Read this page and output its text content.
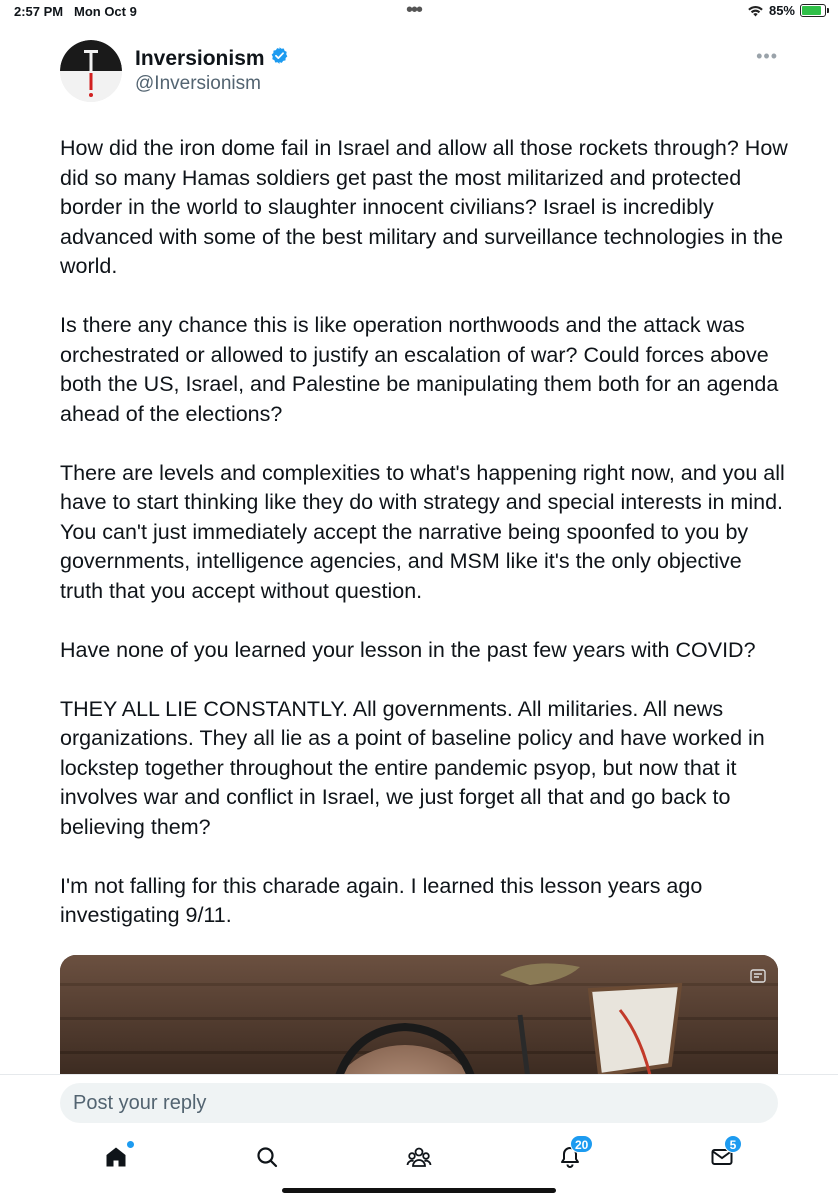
2:57 PM Mon Oct 9	•••	85%
Inversionism
@Inversionism
•••

How did the iron dome fail in Israel and allow all those rockets through? How did so many Hamas soldiers get past the most militarized and protected border in the world to slaughter innocent civilians? Israel is incredibly advanced with some of the best military and surveillance technologies in the world.

Is there any chance this is like operation northwoods and the attack was orchestrated or allowed to justify an escalation of war? Could forces above both the US, Israel, and Palestine be manipulating them both for an agenda ahead of the elections?

There are levels and complexities to what's happening right now, and you all have to start thinking like they do with strategy and special interests in mind. You can't just immediately accept the narrative being spoonfed to you by governments, intelligence agencies, and MSM like it's the only objective truth that you accept without question.

Have none of you learned your lesson in the past few years with COVID?

THEY ALL LIE CONSTANTLY. All governments. All militaries. All news organizations. They all lie as a point of baseline policy and have worked in lockstep together throughout the entire pandemic psyop, but now that it involves war and conflict in Israel, we just forget all that and go back to believing them?

I'm not falling for this charade again. I learned this lesson years ago investigating 9/11.

Post your reply
20	5
